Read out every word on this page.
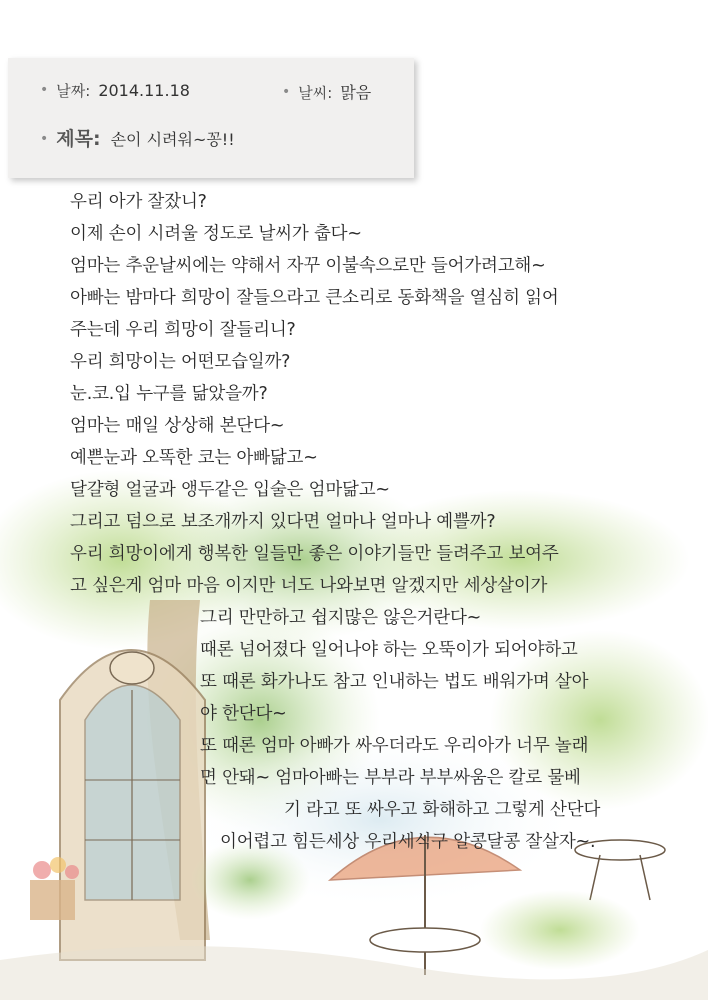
• 날짜: 2014.11.18	• 날씨: 맑음
• 제목: 손이 시려워~꽁!!
우리 아가 잘잤니?
이제 손이 시려울 정도로 날씨가 춥다~
엄마는 추운날씨에는 약해서 자꾸 이불속으로만 들어가려고해~
아빠는 밤마다 희망이 잘들으라고 큰소리로 동화책을 열심히 읽어
주는데 우리 희망이 잘들리니?
우리 희망이는 어떤모습일까?
눈.코.입 누구를 닮았을까?
엄마는 매일 상상해 본단다~
예쁜눈과 오똑한 코는 아빠닮고~
달걀형 얼굴과 앵두같은 입술은 엄마닮고~
그리고 덤으로 보조개까지 있다면 얼마나 얼마나 예쁠까?
우리 희망이에게 행복한 일들만 좋은 이야기들만 들려주고 보여주
고 싶은게 엄마 마음 이지만 너도 나와보면 알겠지만 세상살이가
그리 만만하고 쉽지많은 않은거란다~
때론 넘어졌다 일어나야 하는 오뚝이가 되어야하고
또 때론 화가나도 참고 인내하는 법도 배워가며 살아
야 한단다~
또 때론 엄마 아빠가 싸우더라도 우리아가 너무 놀래
면 안돼~ 엄마아빠는 부부라 부부싸움은 칼로 물베
기 라고 또 싸우고 화해하고 그렇게 산단다
이어렵고 힘든세상 우리세식구 알콩달콩 잘살자~.
